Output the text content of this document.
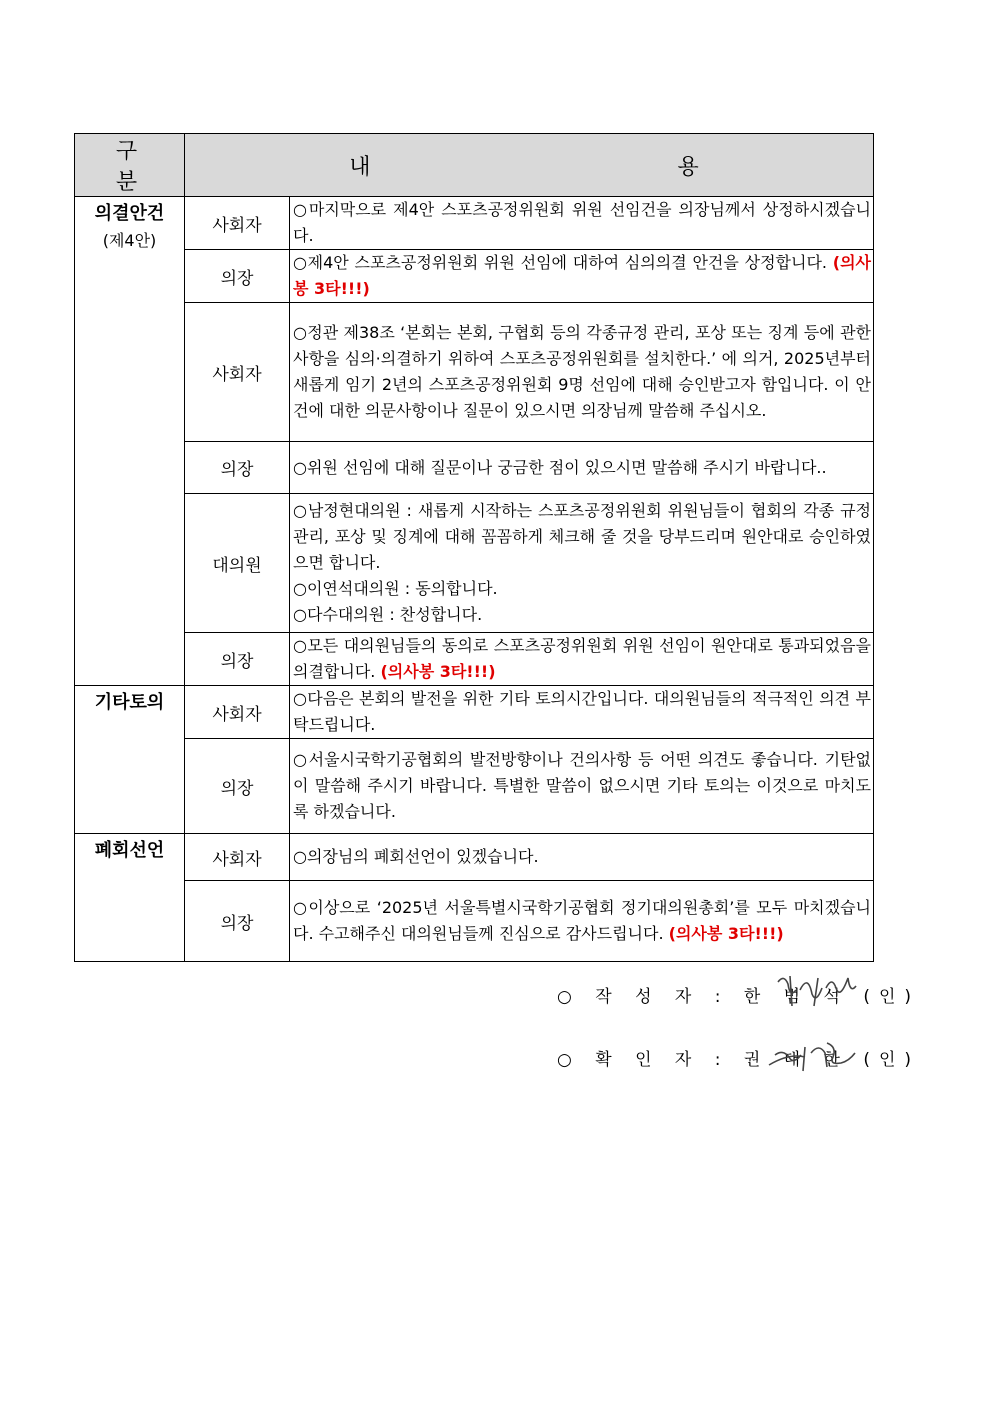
구 분	내 용	

의결안건
(제4안)	사회자	○마지막으로 제4안 스포츠공정위원회 위원 선임건을 의장님께서 상정하시겠습니다.

	의장	○제4안 스포츠공정위원회 위원 선임에 대하여 심의의결 안건을 상정합니다. (의사봉 3타!!!)

	사회자	○정관 제38조 ‘본회는 본회, 구협회 등의 각종규정 관리, 포상 또는 징계 등에 관한 사항을 심의·의결하기 위하여 스포츠공정위원회를 설치한다.’ 에 의거, 2025년부터 새롭게 임기 2년의 스포츠공정위원회 9명 선임에 대해 승인받고자 함입니다. 이 안건에 대한 의문사항이나 질문이 있으시면 의장님께 말씀해 주십시오.

	의장	○위원 선임에 대해 질문이나 궁금한 점이 있으시면 말씀해 주시기 바랍니다..

	대의원	○남정현대의원 : 새롭게 시작하는 스포츠공정위원회 위원님들이 협회의 각종 규정 관리, 포상 및 징계에 대해 꼼꼼하게 체크해 줄 것을 당부드리며 원안대로 승인하였으면 합니다.

○이연석대의원 : 동의합니다.

○다수대의원 : 찬성합니다.

	의장	○모든 대의원님들의 동의로 스포츠공정위원회 위원 선임이 원안대로 통과되었음을 의결합니다. (의사봉 3타!!!)

기타토의	사회자	○다음은 본회의 발전을 위한 기타 토의시간입니다. 대의원님들의 적극적인 의견 부탁드립니다.

	의장	○서울시국학기공협회의 발전방향이나 건의사항 등 어떤 의견도 좋습니다. 기탄없이 말씀해 주시기 바랍니다. 특별한 말씀이 없으시면 기타 토의는 이것으로 마치도록 하겠습니다.

폐회선언	사회자	○의장님의 폐회선언이 있겠습니다.

	의장	○이상으로 ‘2025년 서울특별시국학기공협회 정기대의원총회’를 모두 마치겠습니다. 수고해주신 대의원님들께 진심으로 감사드립니다. (의사봉 3타!!!)

○ 작 성 자 : 한 범 석 (인)
○ 확 인 자 : 권 대 한 (인)
